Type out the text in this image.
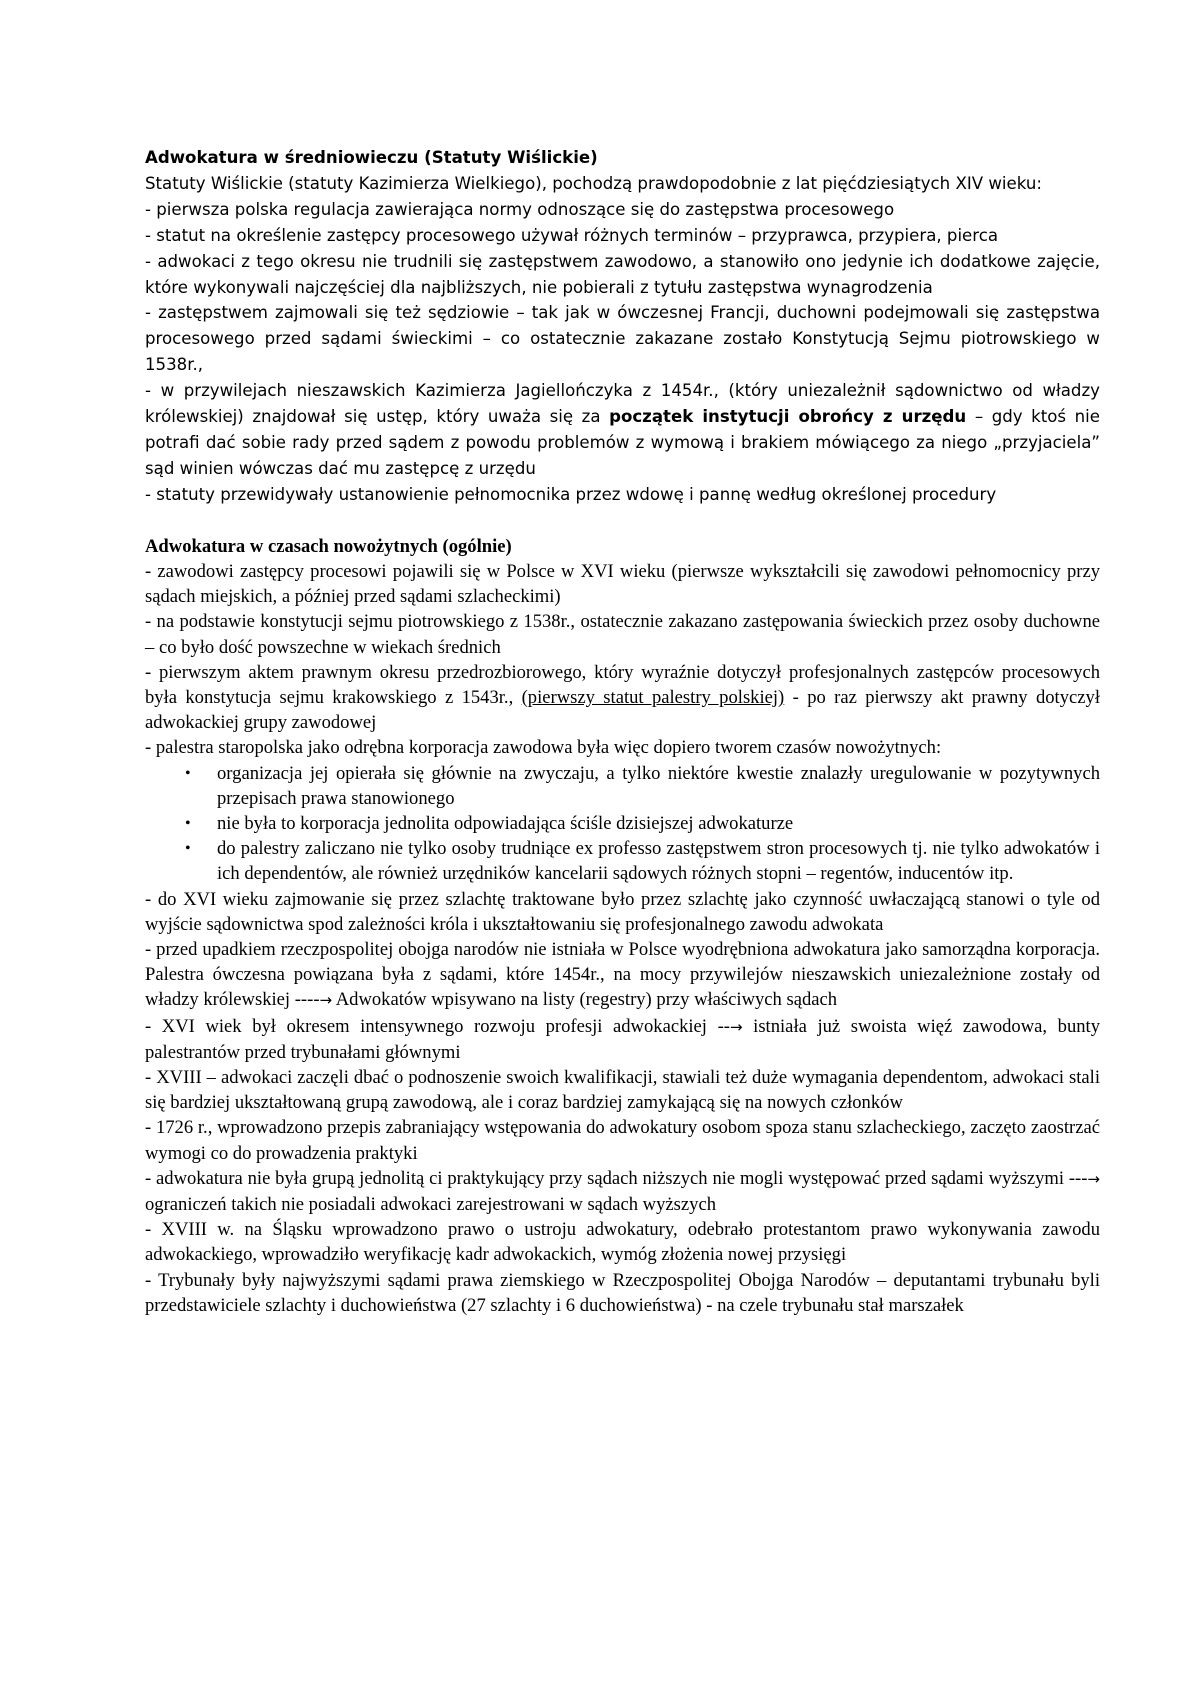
Adwokatura w średniowieczu (Statuty Wiślickie)

Statuty Wiślickie (statuty Kazimierza Wielkiego), pochodzą prawdopodobnie z lat pięćdziesiątych XIV wieku:

- pierwsza polska regulacja zawierająca normy odnoszące się do zastępstwa procesowego

- statut na określenie zastępcy procesowego używał różnych terminów – przyprawca, przypiera, pierca

- adwokaci z tego okresu nie trudnili się zastępstwem zawodowo, a stanowiło ono jedynie ich dodatkowe zajęcie, które wykonywali najczęściej dla najbliższych, nie pobierali z tytułu zastępstwa wynagrodzenia

- zastępstwem zajmowali się też sędziowie – tak jak w ówczesnej Francji, duchowni podejmowali się zastępstwa procesowego przed sądami świeckimi – co ostatecznie zakazane zostało Konstytucją Sejmu piotrowskiego w 1538r.,

- w przywilejach nieszawskich Kazimierza Jagiellończyka z 1454r., (który uniezależnił sądownictwo od władzy królewskiej) znajdował się ustęp, który uważa się za początek instytucji obrońcy z urzędu – gdy ktoś nie potrafi dać sobie rady przed sądem z powodu problemów z wymową i brakiem mówiącego za niego „przyjaciela” sąd winien wówczas dać mu zastępcę z urzędu

- statuty przewidywały ustanowienie pełnomocnika przez wdowę i pannę według określonej procedury

Adwokatura w czasach nowożytnych (ogólnie)

- zawodowi zastępcy procesowi pojawili się w Polsce w XVI wieku (pierwsze wykształcili się zawodowi pełnomocnicy przy sądach miejskich, a później przed sądami szlacheckimi)

- na podstawie konstytucji sejmu piotrowskiego z 1538r., ostatecznie zakazano zastępowania świeckich przez osoby duchowne – co było dość powszechne w wiekach średnich

- pierwszym aktem prawnym okresu przedrozbiorowego, który wyraźnie dotyczył profesjonalnych zastępców procesowych była konstytucja sejmu krakowskiego z 1543r., (pierwszy statut palestry polskiej) - po raz pierwszy akt prawny dotyczył adwokackiej grupy zawodowej

- palestra staropolska jako odrębna korporacja zawodowa była więc dopiero tworem czasów nowożytnych:

• organizacja jej opierała się głównie na zwyczaju, a tylko niektóre kwestie znalazły uregulowanie w pozytywnych przepisach prawa stanowionego
• nie była to korporacja jednolita odpowiadająca ściśle dzisiejszej adwokaturze
• do palestry zaliczano nie tylko osoby trudniące ex professo zastępstwem stron procesowych tj. nie tylko adwokatów i ich dependentów, ale również urzędników kancelarii sądowych różnych stopni – regentów, inducentów itp.

- do XVI wieku zajmowanie się przez szlachtę traktowane było przez szlachtę jako czynność uwłaczającą stanowi o tyle od wyjście sądownictwa spod zależności króla i ukształtowaniu się profesjonalnego zawodu adwokata

- przed upadkiem rzeczpospolitej obojga narodów nie istniała w Polsce wyodrębniona adwokatura jako samorządna korporacja. Palestra ówczesna powiązana była z sądami, które 1454r., na mocy przywilejów nieszawskich uniezależnione zostały od władzy królewskiej ----→ Adwokatów wpisywano na listy (regestry) przy właściwych sądach

- XVI wiek był okresem intensywnego rozwoju profesji adwokackiej --→ istniała już swoista więź zawodowa, bunty palestrantów przed trybunałami głównymi

- XVIII – adwokaci zaczęli dbać o podnoszenie swoich kwalifikacji, stawiali też duże wymagania dependentom, adwokaci stali się bardziej ukształtowaną grupą zawodową, ale i coraz bardziej zamykającą się na nowych członków

- 1726 r., wprowadzono przepis zabraniający wstępowania do adwokatury osobom spoza stanu szlacheckiego, zaczęto zaostrzać wymogi co do prowadzenia praktyki

- adwokatura nie była grupą jednolitą ci praktykujący przy sądach niższych nie mogli występować przed sądami wyższymi ---→ ograniczeń takich nie posiadali adwokaci zarejestrowani w sądach wyższych

- XVIII w. na Śląsku wprowadzono prawo o ustroju adwokatury, odebrało protestantom prawo wykonywania zawodu adwokackiego, wprowadziło weryfikację kadr adwokackich, wymóg złożenia nowej przysięgi

- Trybunały były najwyższymi sądami prawa ziemskiego w Rzeczpospolitej Obojga Narodów – deputantami trybunału byli przedstawiciele szlachty i duchowieństwa (27 szlachty i 6 duchowieństwa) - na czele trybunału stał marszałek
